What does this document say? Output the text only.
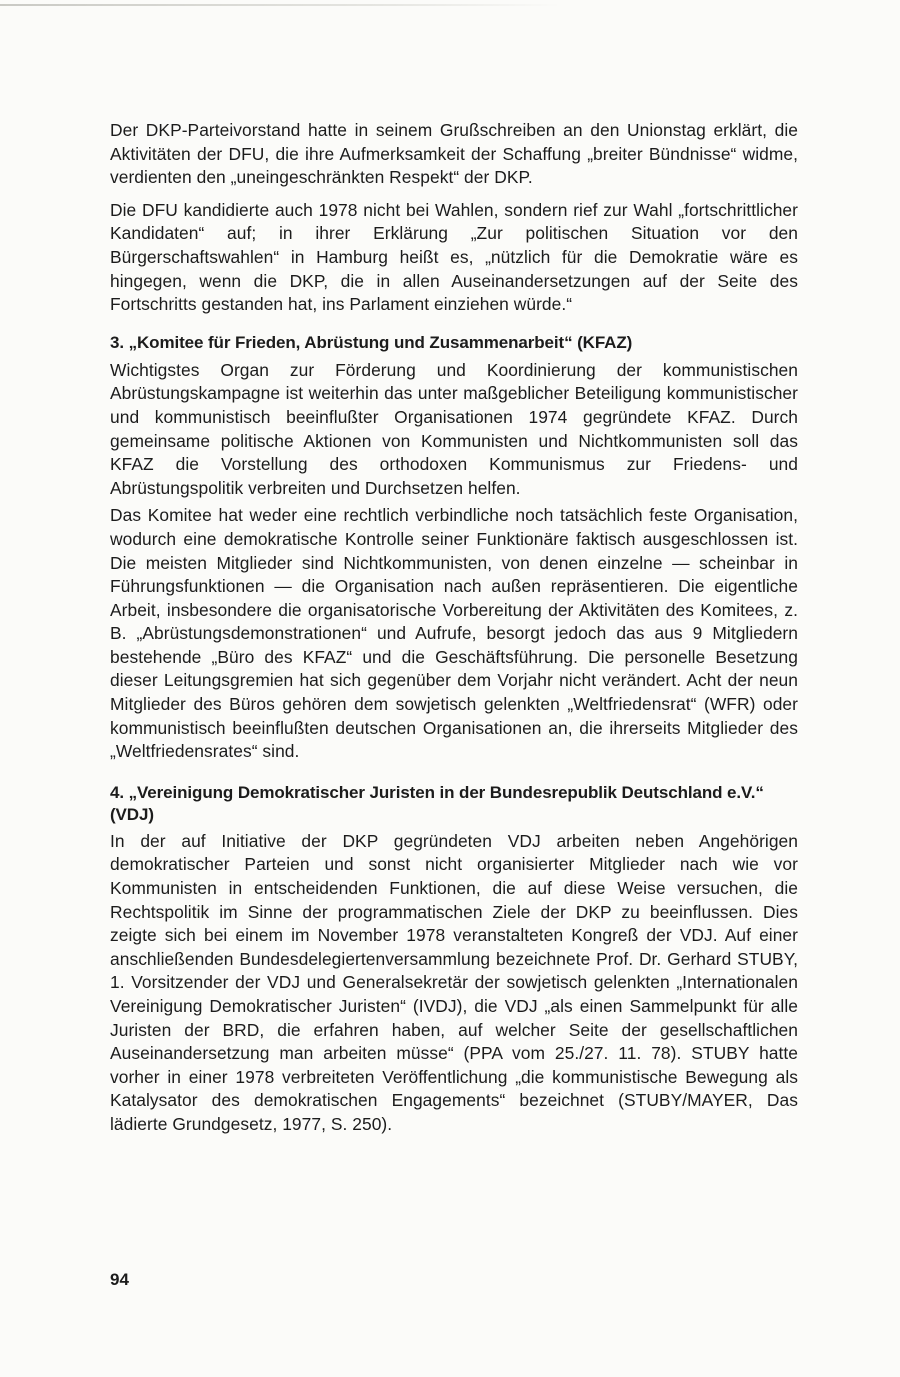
Der DKP-Parteivorstand hatte in seinem Grußschreiben an den Unionstag erklärt, die Aktivitäten der DFU, die ihre Aufmerksamkeit der Schaffung „breiter Bündnisse“ widme, verdienten den „uneingeschränkten Respekt“ der DKP.

Die DFU kandidierte auch 1978 nicht bei Wahlen, sondern rief zur Wahl „fortschrittlicher Kandidaten“ auf; in ihrer Erklärung „Zur politischen Situation vor den Bürgerschaftswahlen“ in Hamburg heißt es, „nützlich für die Demokratie wäre es hingegen, wenn die DKP, die in allen Auseinandersetzungen auf der Seite des Fortschritts gestanden hat, ins Parlament einziehen würde.“

3. „Komitee für Frieden, Abrüstung und Zusammenarbeit“ (KFAZ)

Wichtigstes Organ zur Förderung und Koordinierung der kommunistischen Abrüstungskampagne ist weiterhin das unter maßgeblicher Beteiligung kommunistischer und kommunistisch beeinflußter Organisationen 1974 gegründete KFAZ. Durch gemeinsame politische Aktionen von Kommunisten und Nichtkommunisten soll das KFAZ die Vorstellung des orthodoxen Kommunismus zur Friedens- und Abrüstungspolitik verbreiten und Durchsetzen helfen.

Das Komitee hat weder eine rechtlich verbindliche noch tatsächlich feste Organisation, wodurch eine demokratische Kontrolle seiner Funktionäre faktisch ausgeschlossen ist. Die meisten Mitglieder sind Nichtkommunisten, von denen einzelne — scheinbar in Führungsfunktionen — die Organisation nach außen repräsentieren. Die eigentliche Arbeit, insbesondere die organisatorische Vorbereitung der Aktivitäten des Komitees, z. B. „Abrüstungsdemonstrationen“ und Aufrufe, besorgt jedoch das aus 9 Mitgliedern bestehende „Büro des KFAZ“ und die Geschäftsführung. Die personelle Besetzung dieser Leitungsgremien hat sich gegenüber dem Vorjahr nicht verändert. Acht der neun Mitglieder des Büros gehören dem sowjetisch gelenkten „Weltfriedensrat“ (WFR) oder kommunistisch beeinflußten deutschen Organisationen an, die ihrerseits Mitglieder des „Weltfriedensrates“ sind.

4. „Vereinigung Demokratischer Juristen in der Bundesrepublik Deutschland e.V.“ (VDJ)

In der auf Initiative der DKP gegründeten VDJ arbeiten neben Angehörigen demokratischer Parteien und sonst nicht organisierter Mitglieder nach wie vor Kommunisten in entscheidenden Funktionen, die auf diese Weise versuchen, die Rechtspolitik im Sinne der programmatischen Ziele der DKP zu beeinflussen. Dies zeigte sich bei einem im November 1978 veranstalteten Kongreß der VDJ. Auf einer anschließenden Bundesdelegiertenversammlung bezeichnete Prof. Dr. Gerhard STUBY, 1. Vorsitzender der VDJ und Generalsekretär der sowjetisch gelenkten „Internationalen Vereinigung Demokratischer Juristen“ (IVDJ), die VDJ „als einen Sammelpunkt für alle Juristen der BRD, die erfahren haben, auf welcher Seite der gesellschaftlichen Auseinandersetzung man arbeiten müsse“ (PPA vom 25./27. 11. 78). STUBY hatte vorher in einer 1978 verbreiteten Veröffentlichung „die kommunistische Bewegung als Katalysator des demokratischen Engagements“ bezeichnet (STUBY/MAYER, Das lädierte Grundgesetz, 1977, S. 250).

94
